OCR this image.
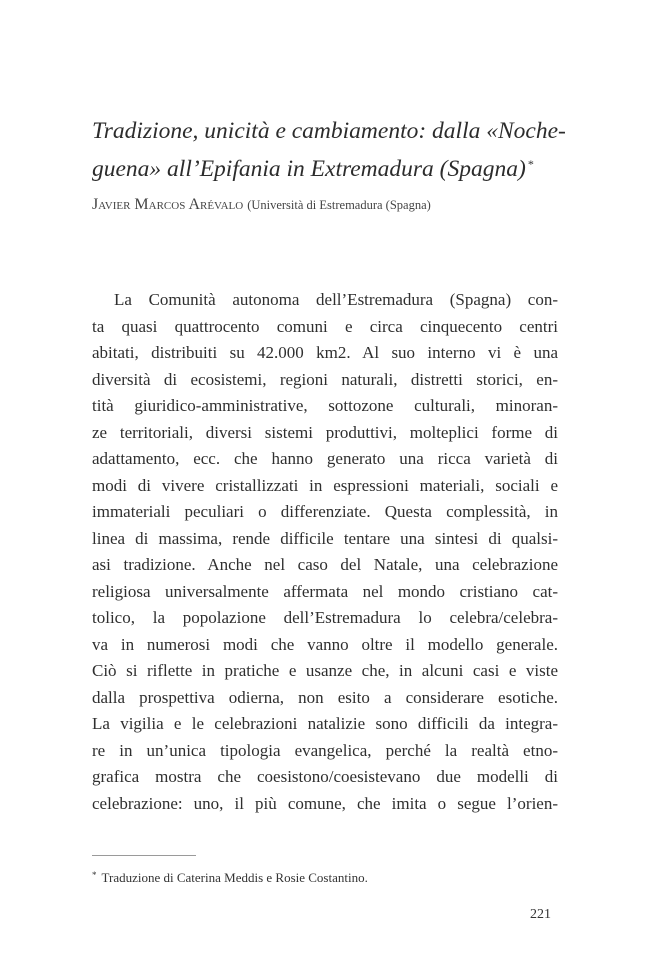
Tradizione, unicità e cambiamento: dalla «Noche-

guena» all’Epifania in Extremadura (Spagna) *

Javier Marcos Arévalo (Università di Estremadura (Spagna)
La Comunità autonoma dell’Estremadura (Spagna) con-
ta quasi quattrocento comuni e circa cinquecento centri
abitati, distribuiti su 42.000 km2. Al suo interno vi è una
diversità di ecosistemi, regioni naturali, distretti storici, en-
tità giuridico-amministrative, sottozone culturali, minoran-
ze territoriali, diversi sistemi produttivi, molteplici forme di
adattamento, ecc. che hanno generato una ricca varietà di
modi di vivere cristallizzati in espressioni materiali, sociali e
immateriali peculiari o differenziate. Questa complessità, in
linea di massima, rende difficile tentare una sintesi di qualsi-
asi tradizione. Anche nel caso del Natale, una celebrazione
religiosa universalmente affermata nel mondo cristiano cat-
tolico, la popolazione dell’Estremadura lo celebra/celebra-
va in numerosi modi che vanno oltre il modello generale.
Ciò si riflette in pratiche e usanze che, in alcuni casi e viste
dalla prospettiva odierna, non esito a considerare esotiche.
La vigilia e le celebrazioni natalizie sono difficili da integra-
re in un’unica tipologia evangelica, perché la realtà etno-
grafica mostra che coesistono/coesistevano due modelli di
celebrazione: uno, il più comune, che imita o segue l’orien-
* Traduzione di Caterina Meddis e Rosie Costantino.
221
